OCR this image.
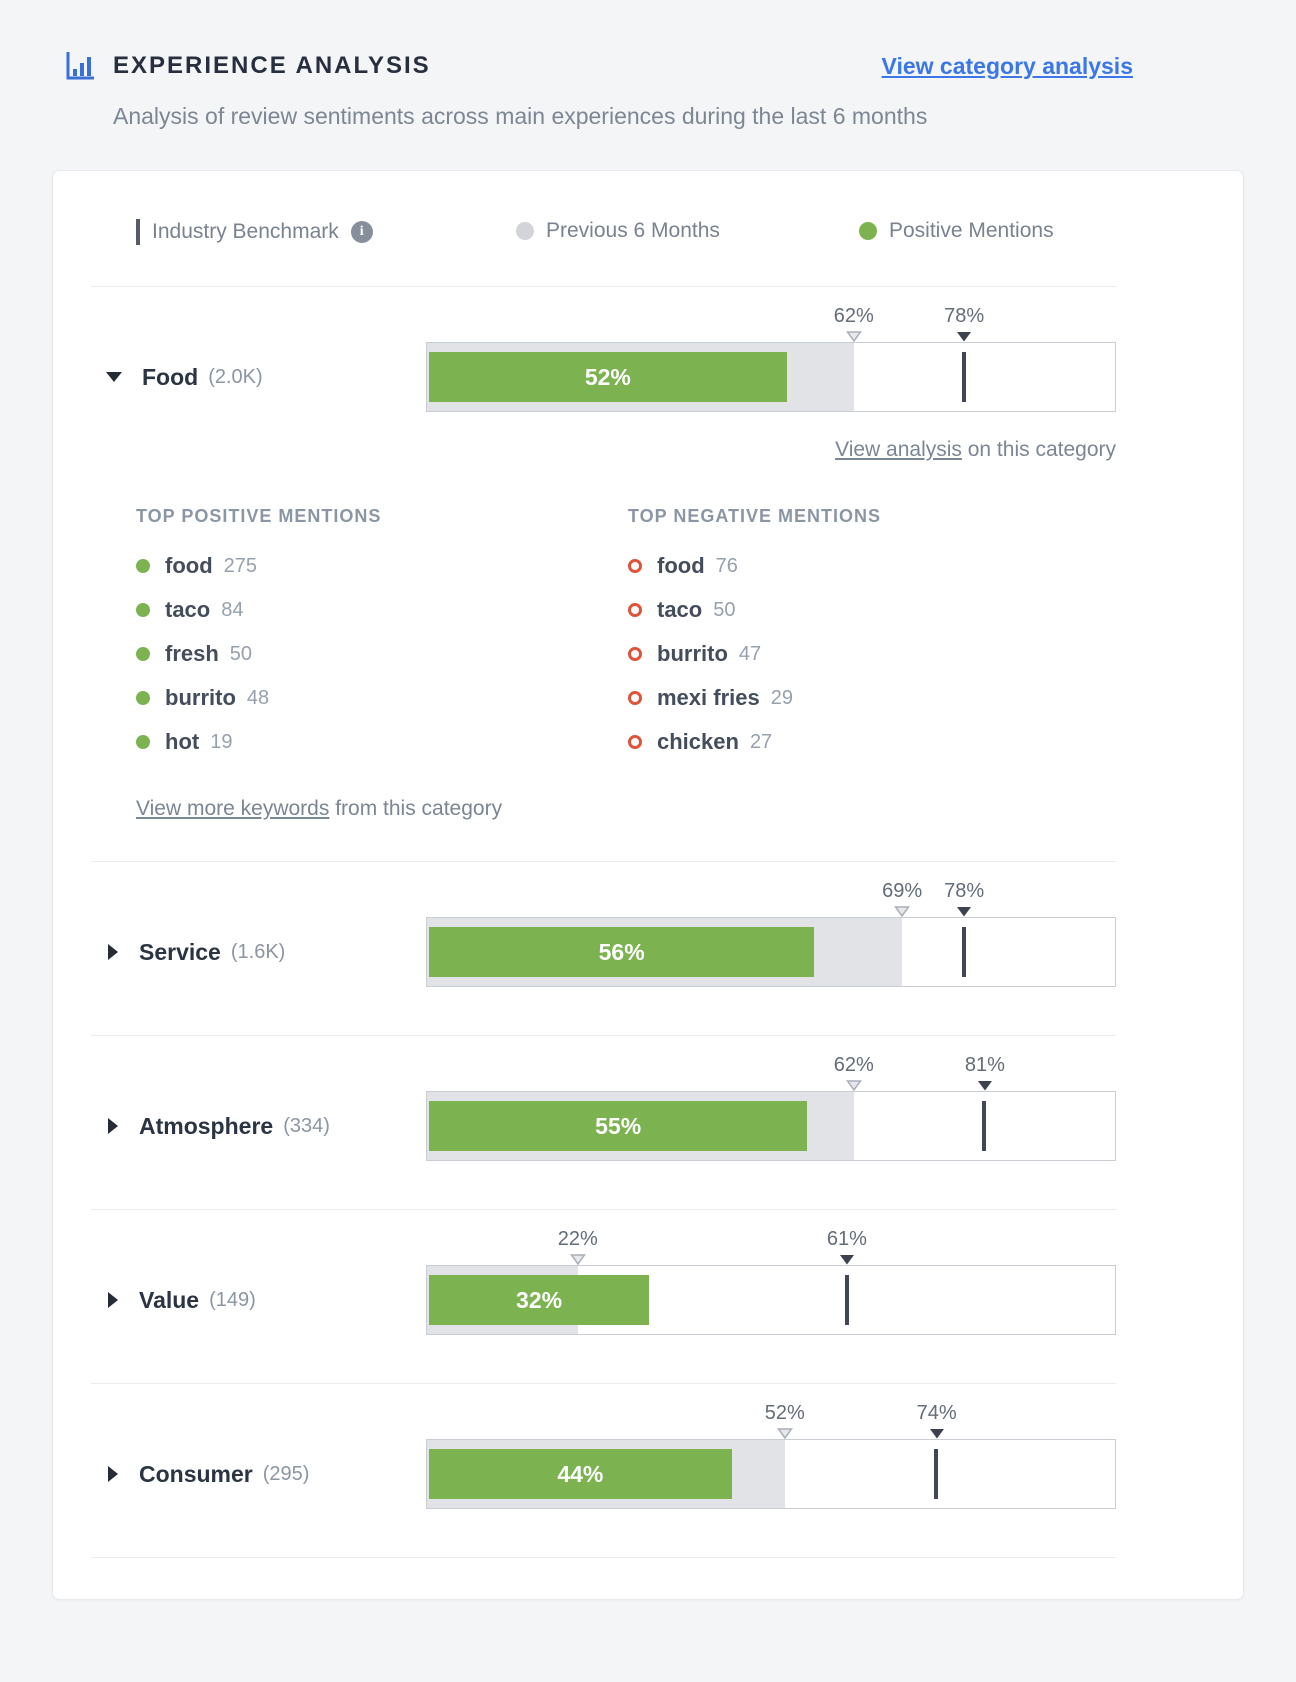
EXPERIENCE ANALYSIS	View category analysis
Analysis of review sentiments across main experiences during the last 6 months
Industry Benchmark	i	Previous 6 Months	Positive Mentions
Food (2.0K)
62%	78%
52%
View analysis on this category
TOP POSITIVE MENTIONS
food 275
taco 84
fresh 50
burrito 48
hot 19
TOP NEGATIVE MENTIONS
food 76
taco 50
burrito 47
mexi fries 29
chicken 27
View more keywords from this category
Service (1.6K)
69% 78%
56%
Atmosphere (334)
62%	81%
55%
Value (149)
22%	61%
32%
Consumer (295)
52%	74%
44%
